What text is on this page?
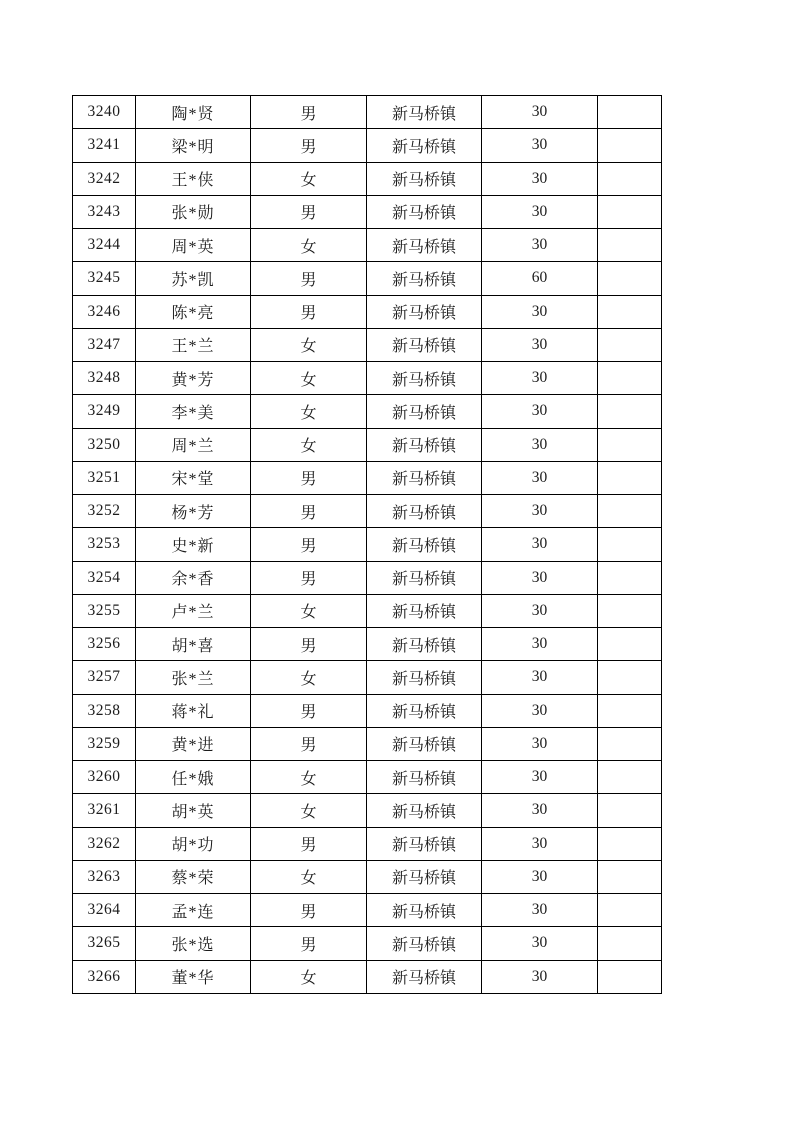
3240	陶*贤	男	新马桥镇	30	
3241	梁*明	男	新马桥镇	30	
3242	王*侠	女	新马桥镇	30	
3243	张*勋	男	新马桥镇	30	
3244	周*英	女	新马桥镇	30	
3245	苏*凯	男	新马桥镇	60	
3246	陈*亮	男	新马桥镇	30	
3247	王*兰	女	新马桥镇	30	
3248	黄*芳	女	新马桥镇	30	
3249	李*美	女	新马桥镇	30	
3250	周*兰	女	新马桥镇	30	
3251	宋*堂	男	新马桥镇	30	
3252	杨*芳	男	新马桥镇	30	
3253	史*新	男	新马桥镇	30	
3254	余*香	男	新马桥镇	30	
3255	卢*兰	女	新马桥镇	30	
3256	胡*喜	男	新马桥镇	30	
3257	张*兰	女	新马桥镇	30	
3258	蒋*礼	男	新马桥镇	30	
3259	黄*进	男	新马桥镇	30	
3260	任*娥	女	新马桥镇	30	
3261	胡*英	女	新马桥镇	30	
3262	胡*功	男	新马桥镇	30	
3263	蔡*荣	女	新马桥镇	30	
3264	孟*连	男	新马桥镇	30	
3265	张*选	男	新马桥镇	30	
3266	董*华	女	新马桥镇	30	
